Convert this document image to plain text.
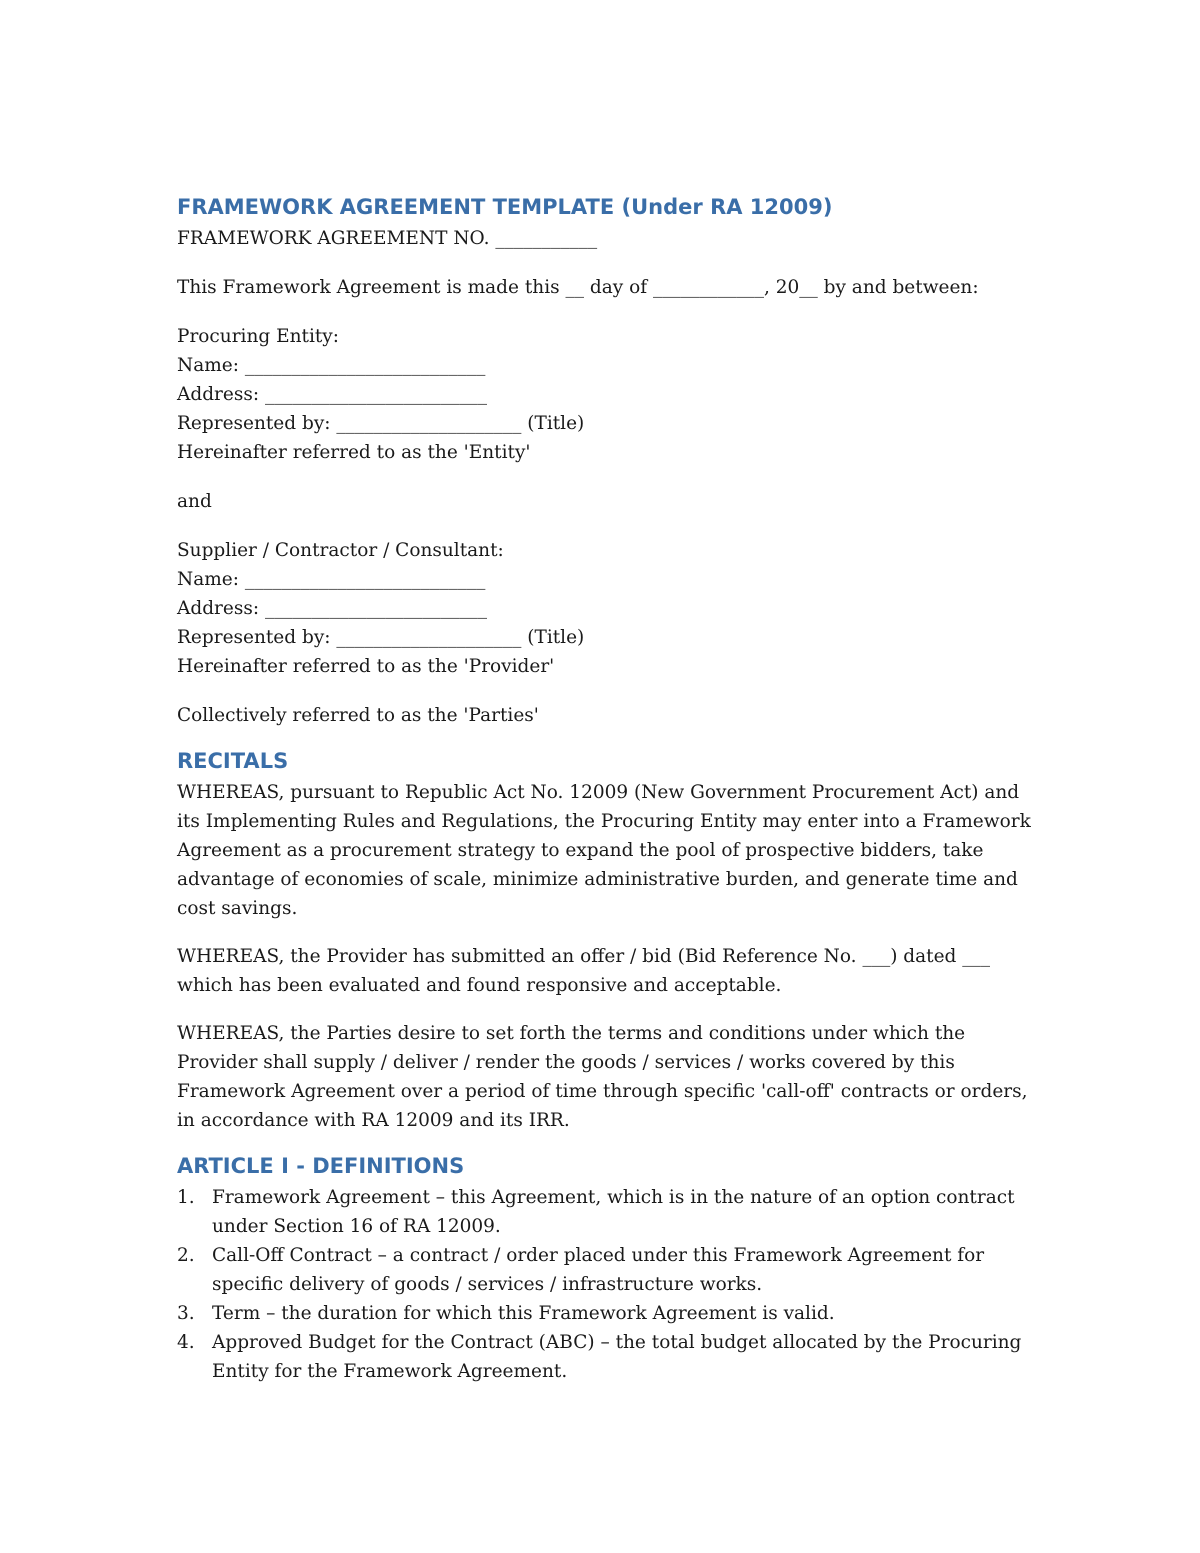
FRAMEWORK AGREEMENT TEMPLATE (Under RA 12009)

FRAMEWORK AGREEMENT NO. ___________

This Framework Agreement is made this __ day of ____________, 20__ by and between:

Procuring Entity:
Name: __________________________
Address: ________________________
Represented by: ____________________ (Title)
Hereinafter referred to as the 'Entity'

and

Supplier / Contractor / Consultant:
Name: __________________________
Address: ________________________
Represented by: ____________________ (Title)
Hereinafter referred to as the 'Provider'

Collectively referred to as the 'Parties'

RECITALS

WHEREAS, pursuant to Republic Act No. 12009 (New Government Procurement Act) and its Implementing Rules and Regulations, the Procuring Entity may enter into a Framework Agreement as a procurement strategy to expand the pool of prospective bidders, take advantage of economies of scale, minimize administrative burden, and generate time and cost savings.

WHEREAS, the Provider has submitted an offer / bid (Bid Reference No. ___) dated ___ which has been evaluated and found responsive and acceptable.

WHEREAS, the Parties desire to set forth the terms and conditions under which the Provider shall supply / deliver / render the goods / services / works covered by this Framework Agreement over a period of time through specific 'call-off' contracts or orders, in accordance with RA 12009 and its IRR.

ARTICLE I - DEFINITIONS
1. Framework Agreement – this Agreement, which is in the nature of an option contract under Section 16 of RA 12009.
2. Call-Off Contract – a contract / order placed under this Framework Agreement for specific delivery of goods / services / infrastructure works.
3. Term – the duration for which this Framework Agreement is valid.
4. Approved Budget for the Contract (ABC) – the total budget allocated by the Procuring Entity for the Framework Agreement.
